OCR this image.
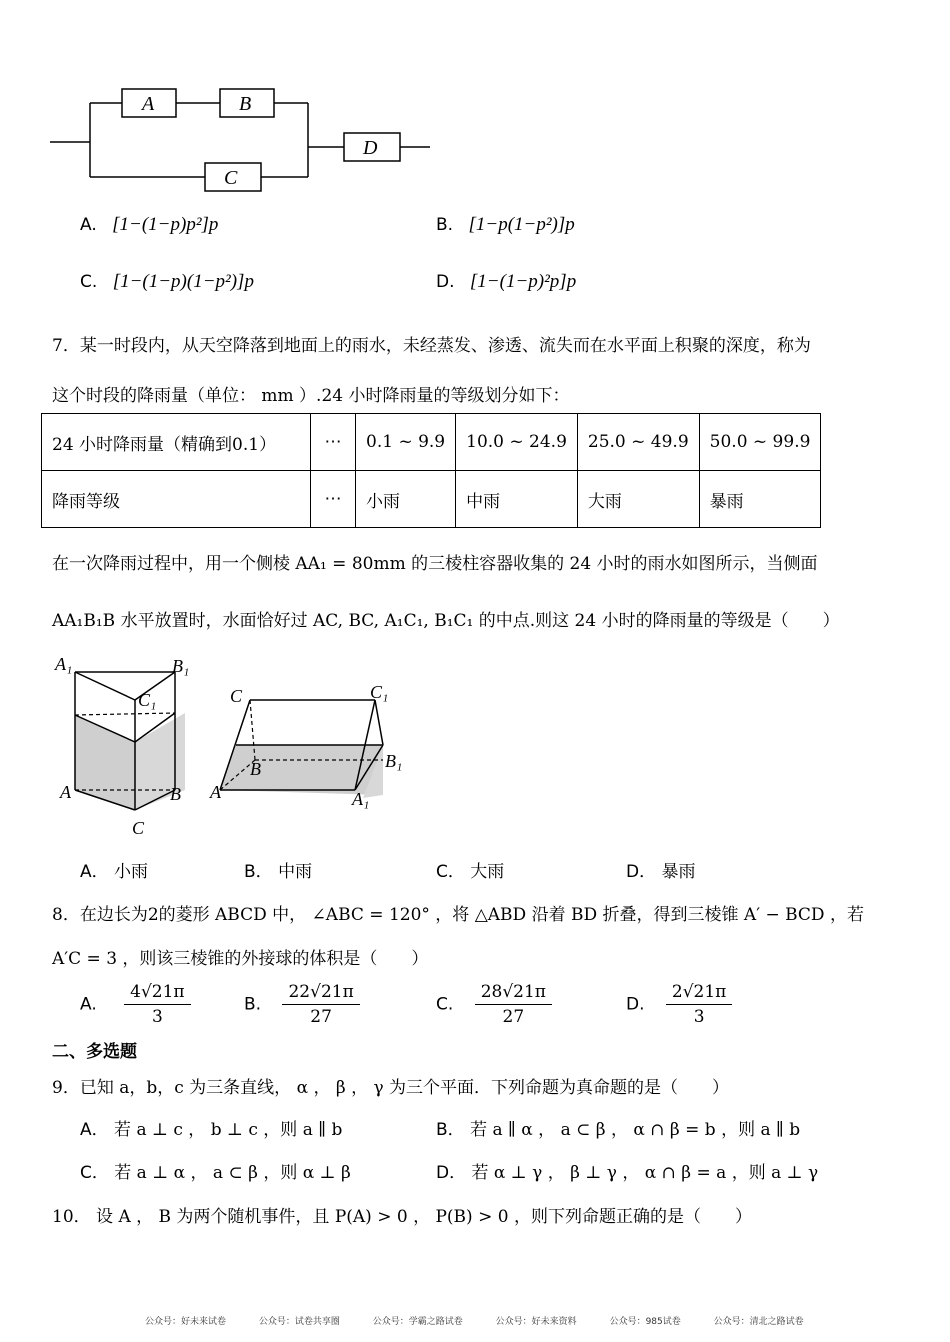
A	B
C
D
A. [1−(1−p)p²]p	B. [1−p(1−p²)]p
C. [1−(1−p)(1−p²)]p	D. [1−(1−p)²p]p
7．某一时段内，从天空降落到地面上的雨水，未经蒸发、渗透、流失而在水平面上积聚的深度，称为
这个时段的降雨量（单位： mm ）.24 小时降雨量的等级划分如下：
24 小时降雨量（精确到0.1）	⋯	0.1 ~ 9.9	10.0 ~ 24.9	25.0 ~ 49.9	50.0 ~ 99.9
降雨等级	⋯	小雨	中雨	大雨	暴雨
在一次降雨过程中，用一个侧棱 AA₁ = 80mm 的三棱柱容器收集的 24 小时的雨水如图所示，当侧面
AA₁B₁B 水平放置时，水面恰好过 AC, BC, A₁C₁, B₁C₁ 的中点.则这 24 小时的降雨量的等级是（　　）
A₁	B₁
C₁
A	B
C
C	C₁
B	B₁
A	A₁
A． 小雨	B． 中雨	C． 大雨	D． 暴雨
8．在边长为2的菱形 ABCD 中， ∠ABC = 120° ，将 △ABD 沿着 BD 折叠，得到三棱锥 A′ − BCD ，若
A′C = 3 ，则该三棱锥的外接球的体积是（　　）
A. $\frac{4√21\pi}{3}$	B. $\frac{22√21\pi}{27}$	C. $\frac{28√21\pi}{27}$	D. $\frac{2√21\pi}{3}$
二、多选题
9．已知 a，b，c 为三条直线， α ， β ， γ 为三个平面．下列命题为真命题的是（　　）
A． 若 a ⊥ c ， b ⊥ c ，则 a ∥ b	B． 若 a ∥ α ， a ⊂ β ， α ∩ β = b ，则 a ∥ b
C． 若 a ⊥ α ， a ⊂ β ，则 α ⊥ β	D． 若 α ⊥ γ ， β ⊥ γ ， α ∩ β = a ，则 a ⊥ γ
10． 设 A ， B 为两个随机事件，且 P(A) > 0 ， P(B) > 0 ，则下列命题正确的是（　　）
公众号：好未来试卷	公众号：试卷共享圈	公众号：学霸之路试卷	公众号：好未来资料	公众号：985试卷	公众号：清北之路试卷
